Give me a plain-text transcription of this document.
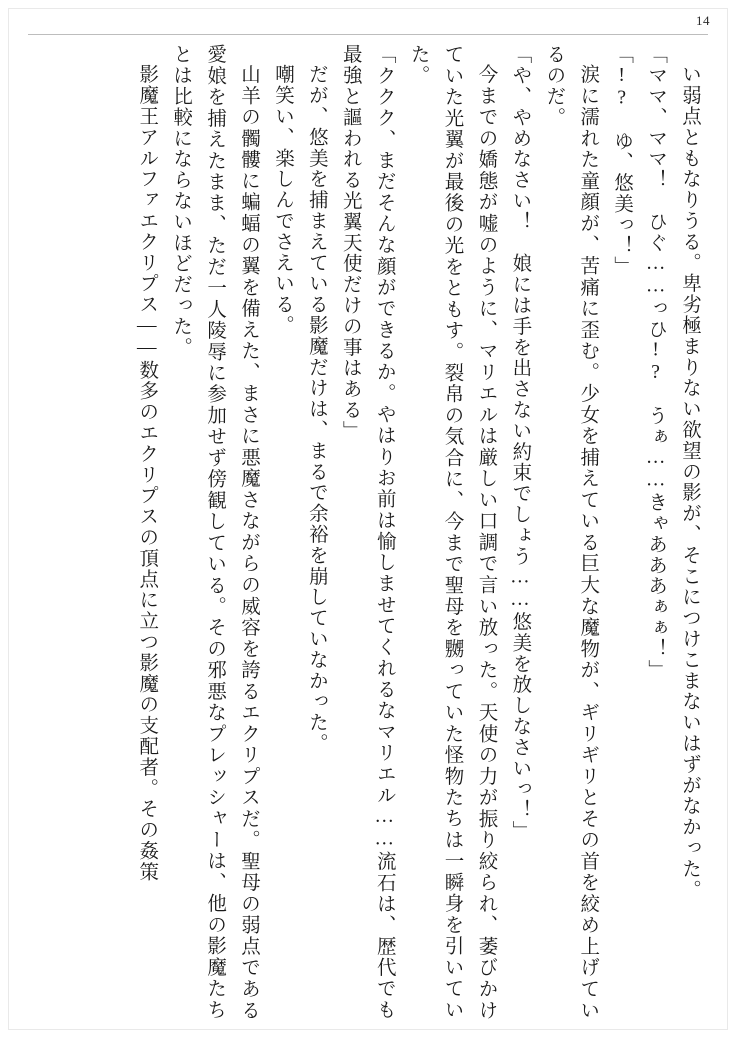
14

い弱点ともなりうる。卑劣極まりない欲望の影が、そこにつけこまないはずがなかった。

「ママ、ママ！　ひぐ……っひ!?　うぁ……きゃあああぁぁ！」

「!?　ゆ、悠美っ！」

涙に濡れた童顔が、苦痛に歪む。少女を捕えている巨大な魔物が、ギリギリとその首を絞め上げているのだ。

「や、やめなさい！　娘には手を出さない約束でしょう……悠美を放しなさいっ！」

今までの嬌態が嘘のように、マリエルは厳しい口調で言い放った。天使の力が振り絞られ、萎びかけていた光翼が最後の光をともす。裂帛の気合に、今まで聖母を嬲っていた怪物たちは一瞬身を引いていた。

「ククク、まだそんな顔ができるか。やはりお前は愉しませてくれるなマリエル……流石は、歴代でも最強と謳われる光翼天使だけの事はある」

だが、悠美を捕まえている影魔だけは、まるで余裕を崩していなかった。

嘲笑い、楽しんでさえいる。

山羊の髑髏に蝙蝠の翼を備えた、まさに悪魔さながらの威容を誇るエクリプスだ。聖母の弱点である愛娘を捕えたまま、ただ一人陵辱に参加せず傍観している。その邪悪なプレッシャーは、他の影魔たちとは比較にならないほどだった。

影魔王アルファエクリプス——数多のエクリプスの頂点に立つ影魔の支配者。その姦策
